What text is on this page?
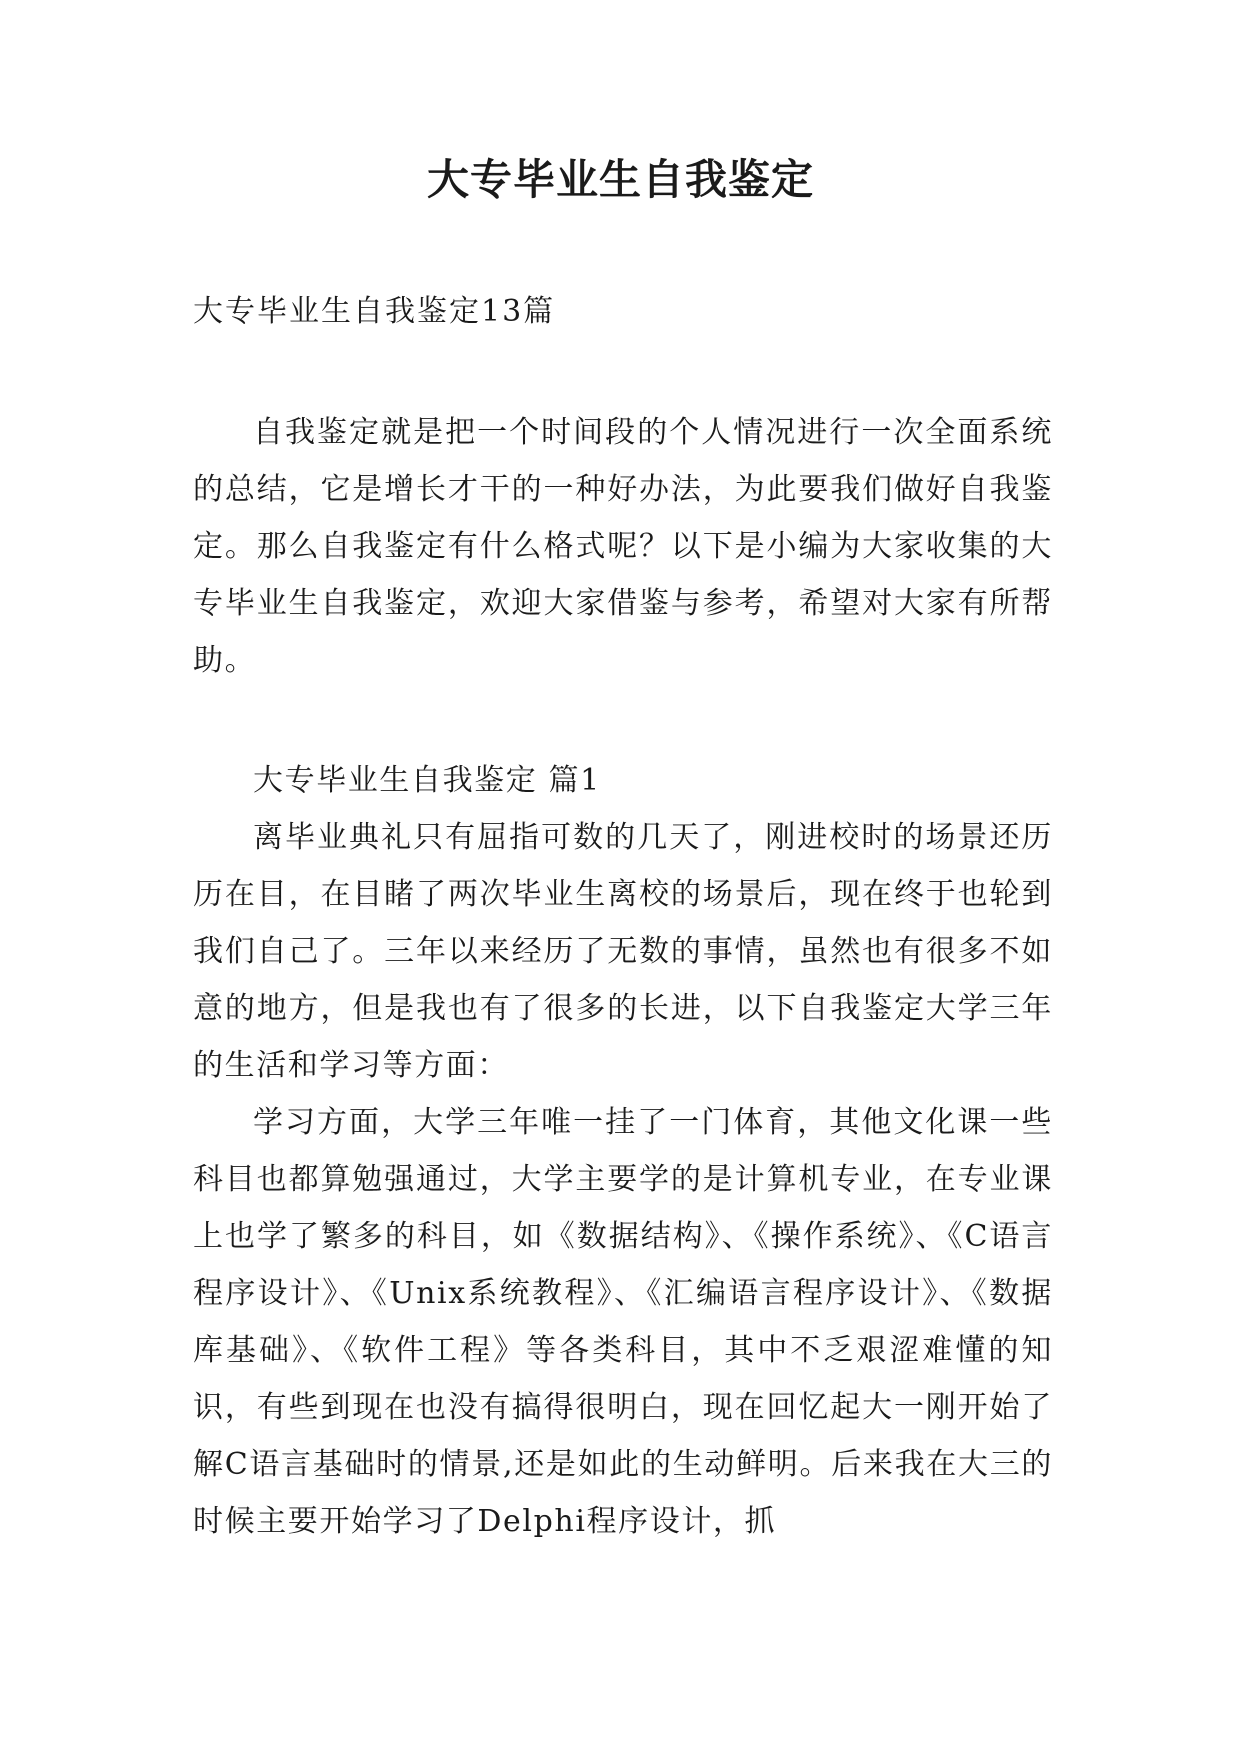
大专毕业生自我鉴定

大专毕业生自我鉴定13篇

自我鉴定就是把一个时间段的个人情况进行一次全面系统的总结，它是增长才干的一种好办法，为此要我们做好自我鉴定。那么自我鉴定有什么格式呢？以下是小编为大家收集的大专毕业生自我鉴定，欢迎大家借鉴与参考，希望对大家有所帮助。

大专毕业生自我鉴定 篇1

离毕业典礼只有屈指可数的几天了，刚进校时的场景还历历在目，在目睹了两次毕业生离校的场景后，现在终于也轮到我们自己了。三年以来经历了无数的事情，虽然也有很多不如意的地方，但是我也有了很多的长进，以下自我鉴定大学三年的生活和学习等方面：

学习方面，大学三年唯一挂了一门体育，其他文化课一些科目也都算勉强通过，大学主要学的是计算机专业，在专业课上也学了繁多的科目，如《数据结构》、《操作系统》、《C语言程序设计》、《Unix系统教程》、《汇编语言程序设计》、《数据库基础》、《软件工程》等各类科目，其中不乏艰涩难懂的知识，有些到现在也没有搞得很明白，现在回忆起大一刚开始了解C语言基础时的情景,还是如此的生动鲜明。后来我在大三的时候主要开始学习了Delphi程序设计，抓
